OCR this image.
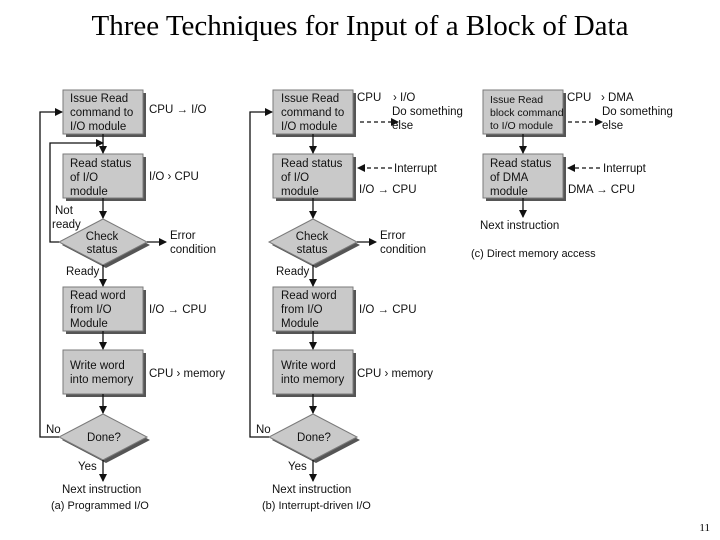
Three Techniques for Input of a Block of Data
Issue Read command to I/O module
CPU → I/O
Read status of I/O module
I/O › CPU
Not ready
Check status
Error condition
Ready
Read word from I/O Module
I/O → CPU
Write word into memory CPU › memory
No
Done?
Yes
Next instruction
(a) Programmed I/O
Issue Read command to I/O module
CPU › I/O
Do something else
Read status of I/O module
Interrupt
I/O → CPU
Check status
Error condition
Ready
Read word from I/O Module
I/O → CPU
Write word into memory CPU › memory
No
Done?
Yes
Next instruction
(b) Interrupt-driven I/O
Issue Read block command to I/O module
CPU › DMA
Do something else
Read status of DMA module
Interrupt
DMA → CPU
Next instruction
(c) Direct memory access
11
